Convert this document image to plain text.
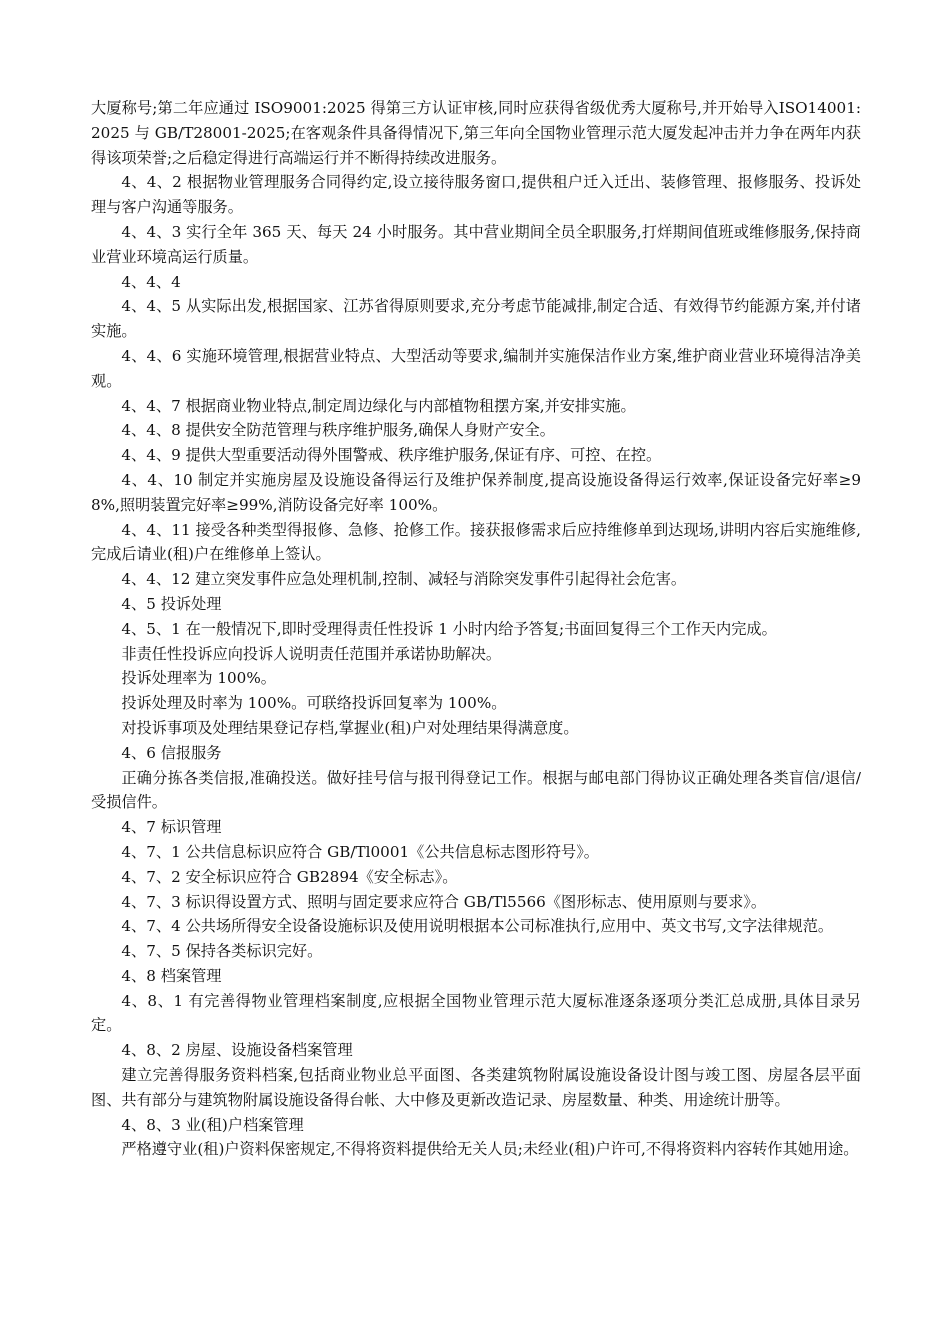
大厦称号;第二年应通过 ISO9001:2025 得第三方认证审核,同时应获得省级优秀大厦称号,并开始导入ISO14001:2025 与 GB/T28001-2025;在客观条件具备得情况下,第三年向全国物业管理示范大厦发起冲击并力争在两年内获得该项荣誉;之后稳定得进行高端运行并不断得持续改进服务。

4、4、2 根据物业管理服务合同得约定,设立接待服务窗口,提供租户迁入迁出、装修管理、报修服务、投诉处理与客户沟通等服务。

4、4、3 实行全年 365 天、每天 24 小时服务。其中营业期间全员全职服务,打烊期间值班或维修服务,保持商业营业环境高运行质量。

4、4、4

4、4、5 从实际出发,根据国家、江苏省得原则要求,充分考虑节能减排,制定合适、有效得节约能源方案,并付诸实施。

4、4、6 实施环境管理,根据营业特点、大型活动等要求,编制并实施保洁作业方案,维护商业营业环境得洁净美观。

4、4、7 根据商业物业特点,制定周边绿化与内部植物租摆方案,并安排实施。

4、4、8 提供安全防范管理与秩序维护服务,确保人身财产安全。

4、4、9 提供大型重要活动得外围警戒、秩序维护服务,保证有序、可控、在控。

4、4、10 制定并实施房屋及设施设备得运行及维护保养制度,提高设施设备得运行效率,保证设备完好率≥98%,照明装置完好率≥99%,消防设备完好率 100%。

4、4、11 接受各种类型得报修、急修、抢修工作。接获报修需求后应持维修单到达现场,讲明内容后实施维修,完成后请业(租)户在维修单上签认。

4、4、12 建立突发事件应急处理机制,控制、减轻与消除突发事件引起得社会危害。

4、5 投诉处理

4、5、1 在一般情况下,即时受理得责任性投诉 1 小时内给予答复;书面回复得三个工作天内完成。

非责任性投诉应向投诉人说明责任范围并承诺协助解决。

投诉处理率为 100%。

投诉处理及时率为 100%。可联络投诉回复率为 100%。

对投诉事项及处理结果登记存档,掌握业(租)户对处理结果得满意度。

4、6 信报服务

正确分拣各类信报,准确投送。做好挂号信与报刊得登记工作。根据与邮电部门得协议正确处理各类盲信/退信/受损信件。

4、7 标识管理

4、7、1 公共信息标识应符合 GB/Tl0001《公共信息标志图形符号》。

4、7、2 安全标识应符合 GB2894《安全标志》。

4、7、3 标识得设置方式、照明与固定要求应符合 GB/Tl5566《图形标志、使用原则与要求》。

4、7、4 公共场所得安全设备设施标识及使用说明根据本公司标准执行,应用中、英文书写,文字法律规范。

4、7、5 保持各类标识完好。

4、8 档案管理

4、8、1 有完善得物业管理档案制度,应根据全国物业管理示范大厦标准逐条逐项分类汇总成册,具体目录另定。

4、8、2 房屋、设施设备档案管理

建立完善得服务资料档案,包括商业物业总平面图、各类建筑物附属设施设备设计图与竣工图、房屋各层平面图、共有部分与建筑物附属设施设备得台帐、大中修及更新改造记录、房屋数量、种类、用途统计册等。

4、8、3 业(租)户档案管理

严格遵守业(租)户资料保密规定,不得将资料提供给无关人员;未经业(租)户许可,不得将资料内容转作其她用途。
